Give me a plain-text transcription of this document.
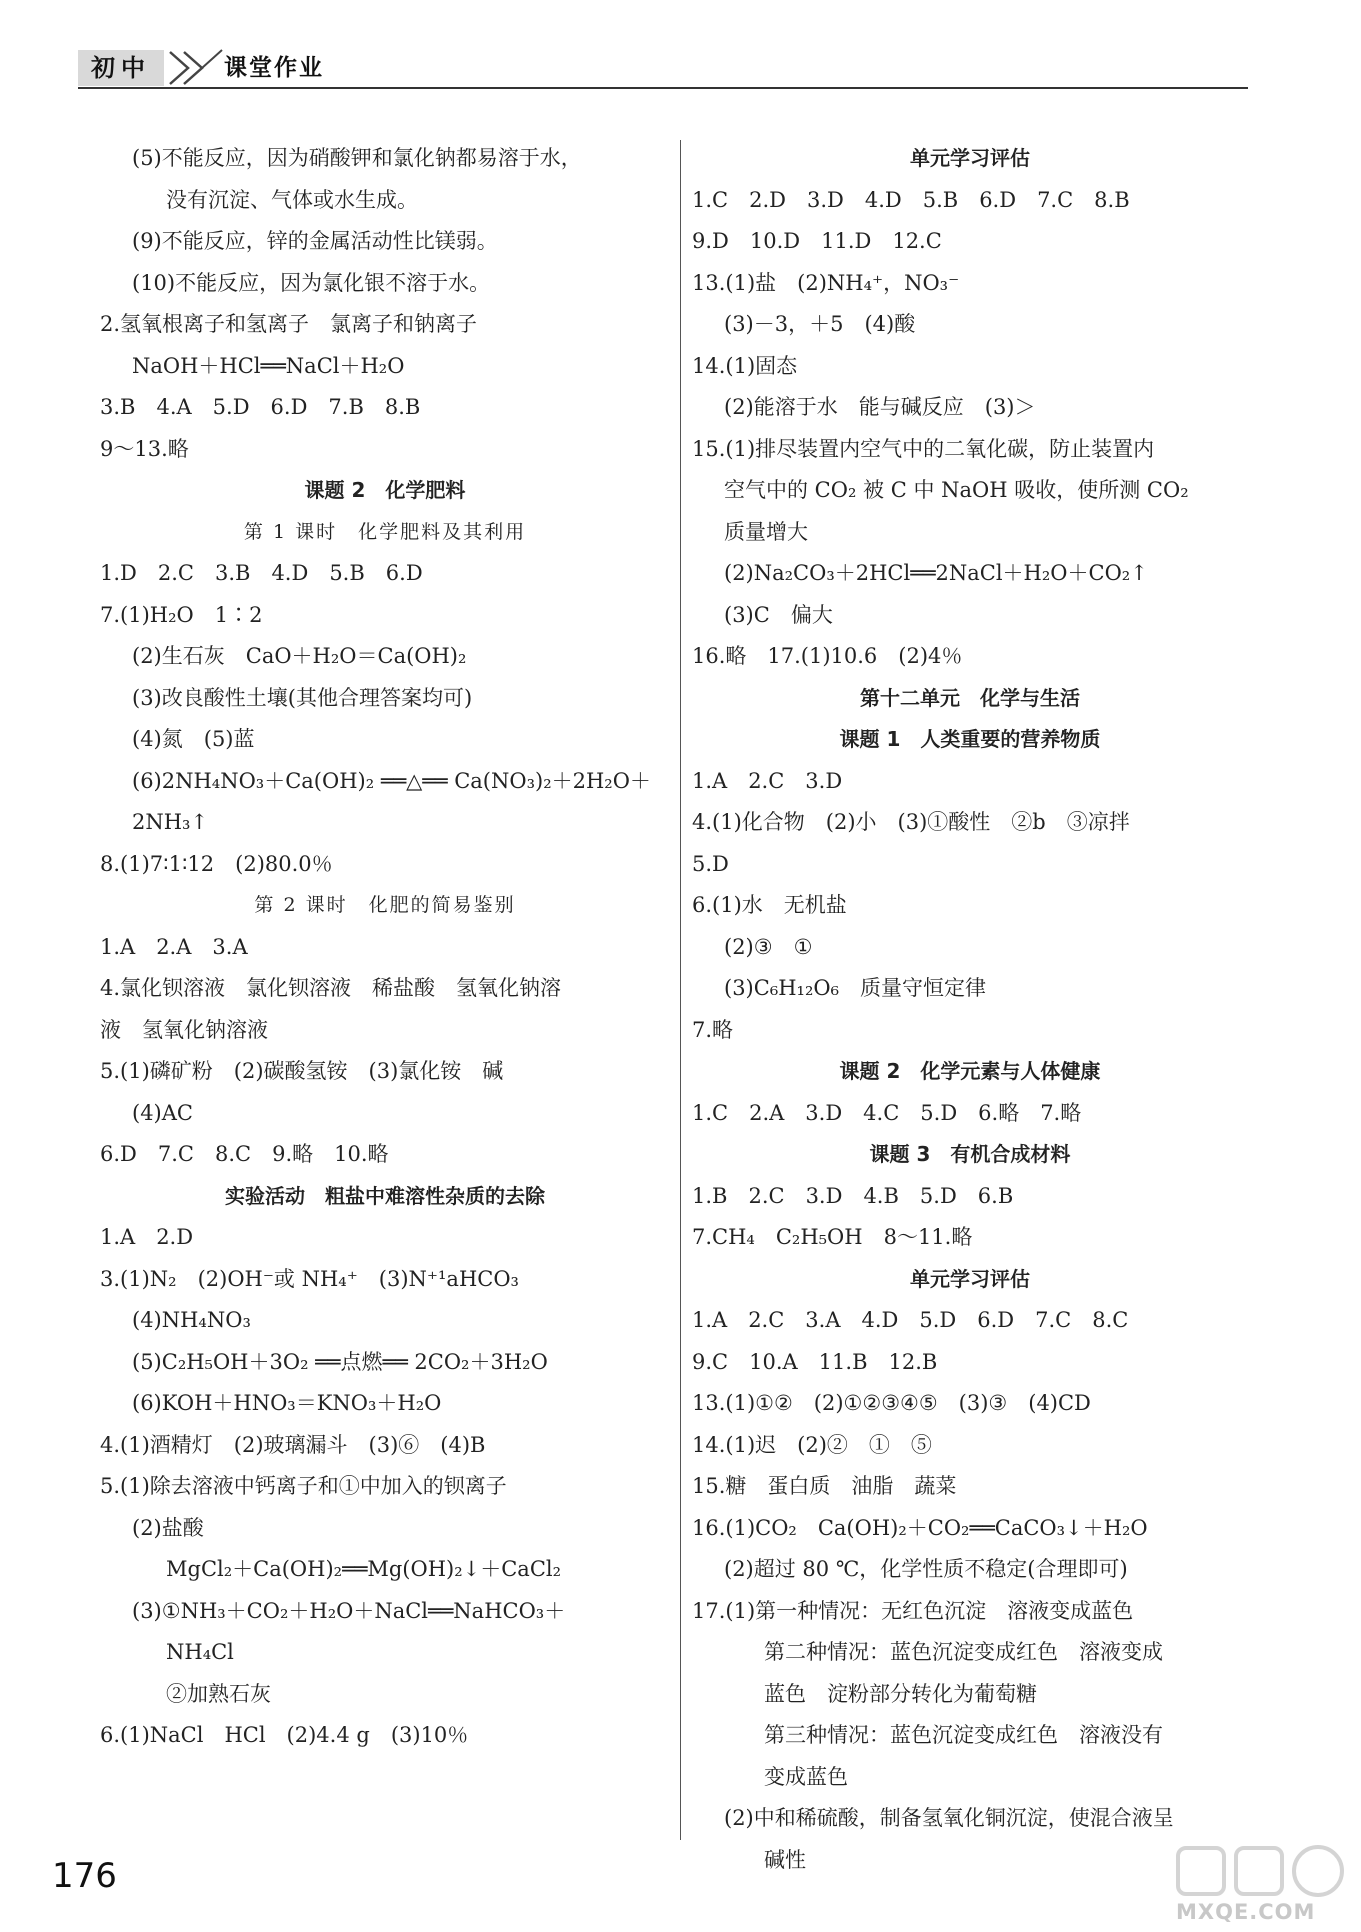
初中	课堂作业
(5)不能反应，因为硝酸钾和氯化钠都易溶于水，
没有沉淀、气体或水生成。
(9)不能反应，锌的金属活动性比镁弱。
(10)不能反应，因为氯化银不溶于水。
2.氢氧根离子和氢离子　氯离子和钠离子
NaOH＋HCl══NaCl＋H₂O
3.B　4.A　5.D　6.D　7.B　8.B
9～13.略
课题 2　化学肥料
第 1 课时　化学肥料及其利用
1.D　2.C　3.B　4.D　5.B　6.D
7.(1)H₂O　1∶2
(2)生石灰　CaO＋H₂O＝Ca(OH)₂
(3)改良酸性土壤(其他合理答案均可)
(4)氮　(5)蓝
(6)2NH₄NO₃＋Ca(OH)₂ ══△══ Ca(NO₃)₂＋2H₂O＋
2NH₃↑
8.(1)7∶1∶12　(2)80.0％
第 2 课时　化肥的简易鉴别
1.A　2.A　3.A
4.氯化钡溶液　氯化钡溶液　稀盐酸　氢氧化钠溶
液　氢氧化钠溶液
5.(1)磷矿粉　(2)碳酸氢铵　(3)氯化铵　碱
(4)AC
6.D　7.C　8.C　9.略　10.略
实验活动　粗盐中难溶性杂质的去除
1.A　2.D
3.(1)N₂　(2)OH⁻或 NH₄⁺　(3)N⁺¹aHCO₃
(4)NH₄NO₃
(5)C₂H₅OH＋3O₂ ══点燃══ 2CO₂＋3H₂O
(6)KOH＋HNO₃＝KNO₃＋H₂O
4.(1)酒精灯　(2)玻璃漏斗　(3)⑥　(4)B
5.(1)除去溶液中钙离子和①中加入的钡离子
(2)盐酸
MgCl₂＋Ca(OH)₂══Mg(OH)₂↓＋CaCl₂
(3)①NH₃＋CO₂＋H₂O＋NaCl══NaHCO₃＋
NH₄Cl
②加熟石灰
6.(1)NaCl　HCl　(2)4.4 g　(3)10％
单元学习评估
1.C　2.D　3.D　4.D　5.B　6.D　7.C　8.B
9.D　10.D　11.D　12.C
13.(1)盐　(2)NH₄⁺，NO₃⁻
(3)－3，＋5　(4)酸
14.(1)固态
(2)能溶于水　能与碱反应　(3)＞
15.(1)排尽装置内空气中的二氧化碳，防止装置内
空气中的 CO₂ 被 C 中 NaOH 吸收，使所测 CO₂
质量增大
(2)Na₂CO₃＋2HCl══2NaCl＋H₂O＋CO₂↑
(3)C　偏大
16.略　17.(1)10.6　(2)4％
第十二单元　化学与生活
课题 1　人类重要的营养物质
1.A　2.C　3.D
4.(1)化合物　(2)小　(3)①酸性　②b　③凉拌
5.D
6.(1)水　无机盐
(2)③　①
(3)C₆H₁₂O₆　质量守恒定律
7.略
课题 2　化学元素与人体健康
1.C　2.A　3.D　4.C　5.D　6.略　7.略
课题 3　有机合成材料
1.B　2.C　3.D　4.B　5.D　6.B
7.CH₄　C₂H₅OH　8～11.略
单元学习评估
1.A　2.C　3.A　4.D　5.D　6.D　7.C　8.C
9.C　10.A　11.B　12.B
13.(1)①②　(2)①②③④⑤　(3)③　(4)CD
14.(1)迟　(2)②　①　⑤
15.糖　蛋白质　油脂　蔬菜
16.(1)CO₂　Ca(OH)₂＋CO₂══CaCO₃↓＋H₂O
(2)超过 80 ℃，化学性质不稳定(合理即可)
17.(1)第一种情况：无红色沉淀　溶液变成蓝色
第二种情况：蓝色沉淀变成红色　溶液变成
蓝色　淀粉部分转化为葡萄糖
第三种情况：蓝色沉淀变成红色　溶液没有
变成蓝色
(2)中和稀硫酸，制备氢氧化铜沉淀，使混合液呈
碱性
176
MXQE.COM
